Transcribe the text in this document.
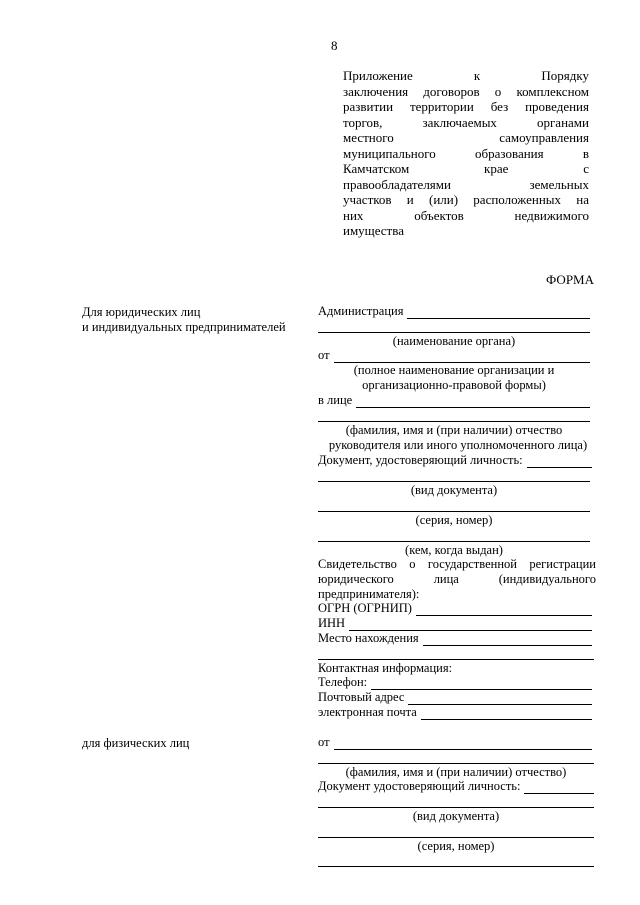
8
Приложение к Порядку
заключения договоров о комплексном
развитии территории без проведения
торгов, заключаемых органами
местного самоуправления
муниципального образования в
Камчатском крае с
правообладателями земельных
участков и (или) расположенных на
них объектов недвижимого
имущества
ФОРМА
Для юридических лиц
и индивидуальных предпринимателей
Администрация
(наименование органа)
от
(полное наименование организации и
организационно-правовой формы)
в лице
(фамилия, имя и (при наличии) отчество
руководителя или иного уполномоченного лица)
Документ, удостоверяющий личность:
(вид документа)
(серия, номер)
(кем, когда выдан)
Свидетельство о государственной регистрации
юридического лица (индивидуального
предпринимателя):
ОГРН (ОГРНИП)
ИНН
Место нахождения
Контактная информация:
Телефон:
Почтовый адрес
электронная почта
для физических лиц	от
(фамилия, имя и (при наличии) отчество)
Документ удостоверяющий личность:
(вид документа)
(серия, номер)
